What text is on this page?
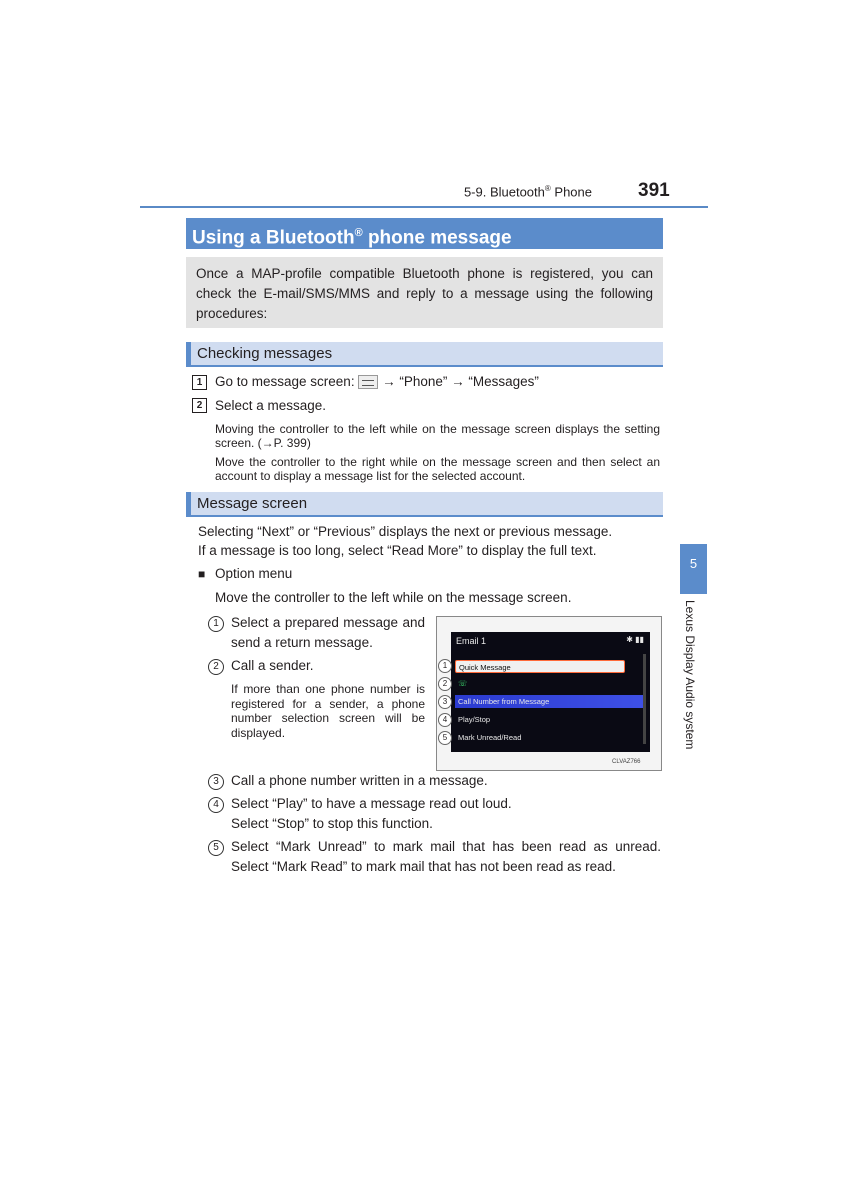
5-9. Bluetooth® Phone 391
Using a Bluetooth® phone message
Once a MAP-profile compatible Bluetooth phone is registered, you can check the E-mail/SMS/MMS and reply to a message using the following procedures:
Checking messages
1 Go to message screen: → “Phone” → “Messages”
2 Select a message.
Moving the controller to the left while on the message screen displays the setting screen. (→P. 399)
Move the controller to the right while on the message screen and then select an account to display a message list for the selected account.
Message screen
Selecting “Next” or “Previous” displays the next or previous message.
If a message is too long, select “Read More” to display the full text.
■ Option menu
Move the controller to the left while on the message screen.
1 Select a prepared message and send a return message.
2 Call a sender.
If more than one phone number is registered for a sender, a phone number selection screen will be displayed.
Email 1	✱ ▮▮
Quick Message
☏
Call Number from Message
Play/Stop
Mark Unread/Read
1
2
3
4
5
CLVAZ766
3 Call a phone number written in a message.
4 Select “Play” to have a message read out loud.
Select “Stop” to stop this function.
5 Select “Mark Unread” to mark mail that has been read as unread. Select “Mark Read” to mark mail that has not been read as read.
5
Lexus Display Audio system
